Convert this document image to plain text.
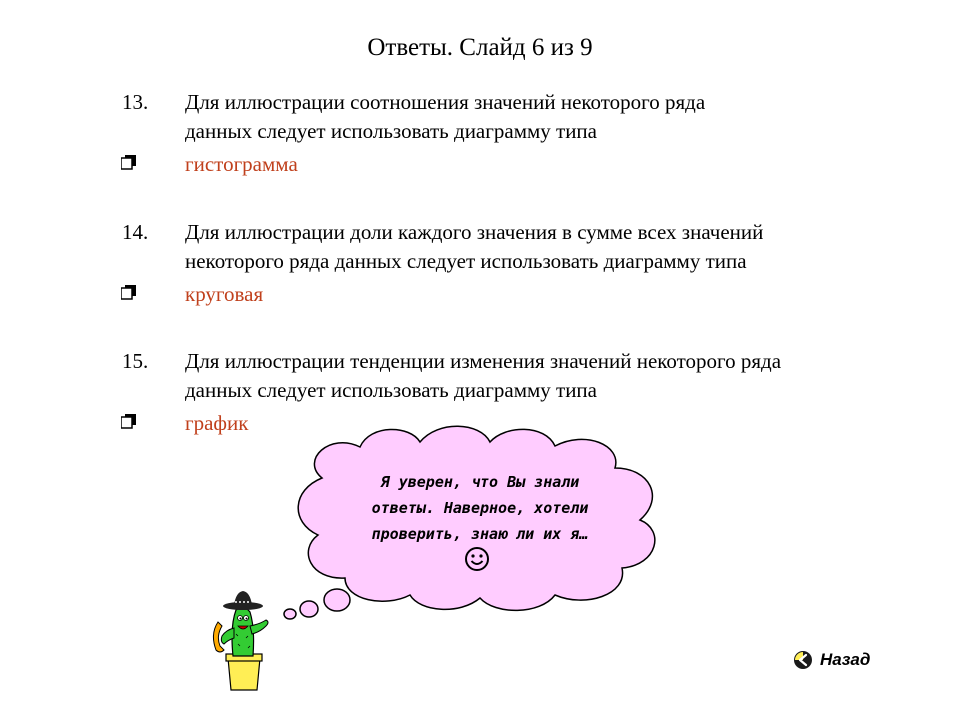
Ответы. Слайд 6 из 9
13. Для иллюстрации соотношения значений некоторого ряда
данных следует использовать диаграмму типа
гистограмма
14. Для иллюстрации доли каждого значения в сумме всех значений
некоторого ряда данных следует использовать диаграмму типа
круговая
15. Для иллюстрации тенденции изменения значений некоторого ряда
данных следует использовать диаграмму типа
график
Я уверен, что Вы знали
ответы. Наверное, хотели
проверить, знаю ли их я…
Назад
